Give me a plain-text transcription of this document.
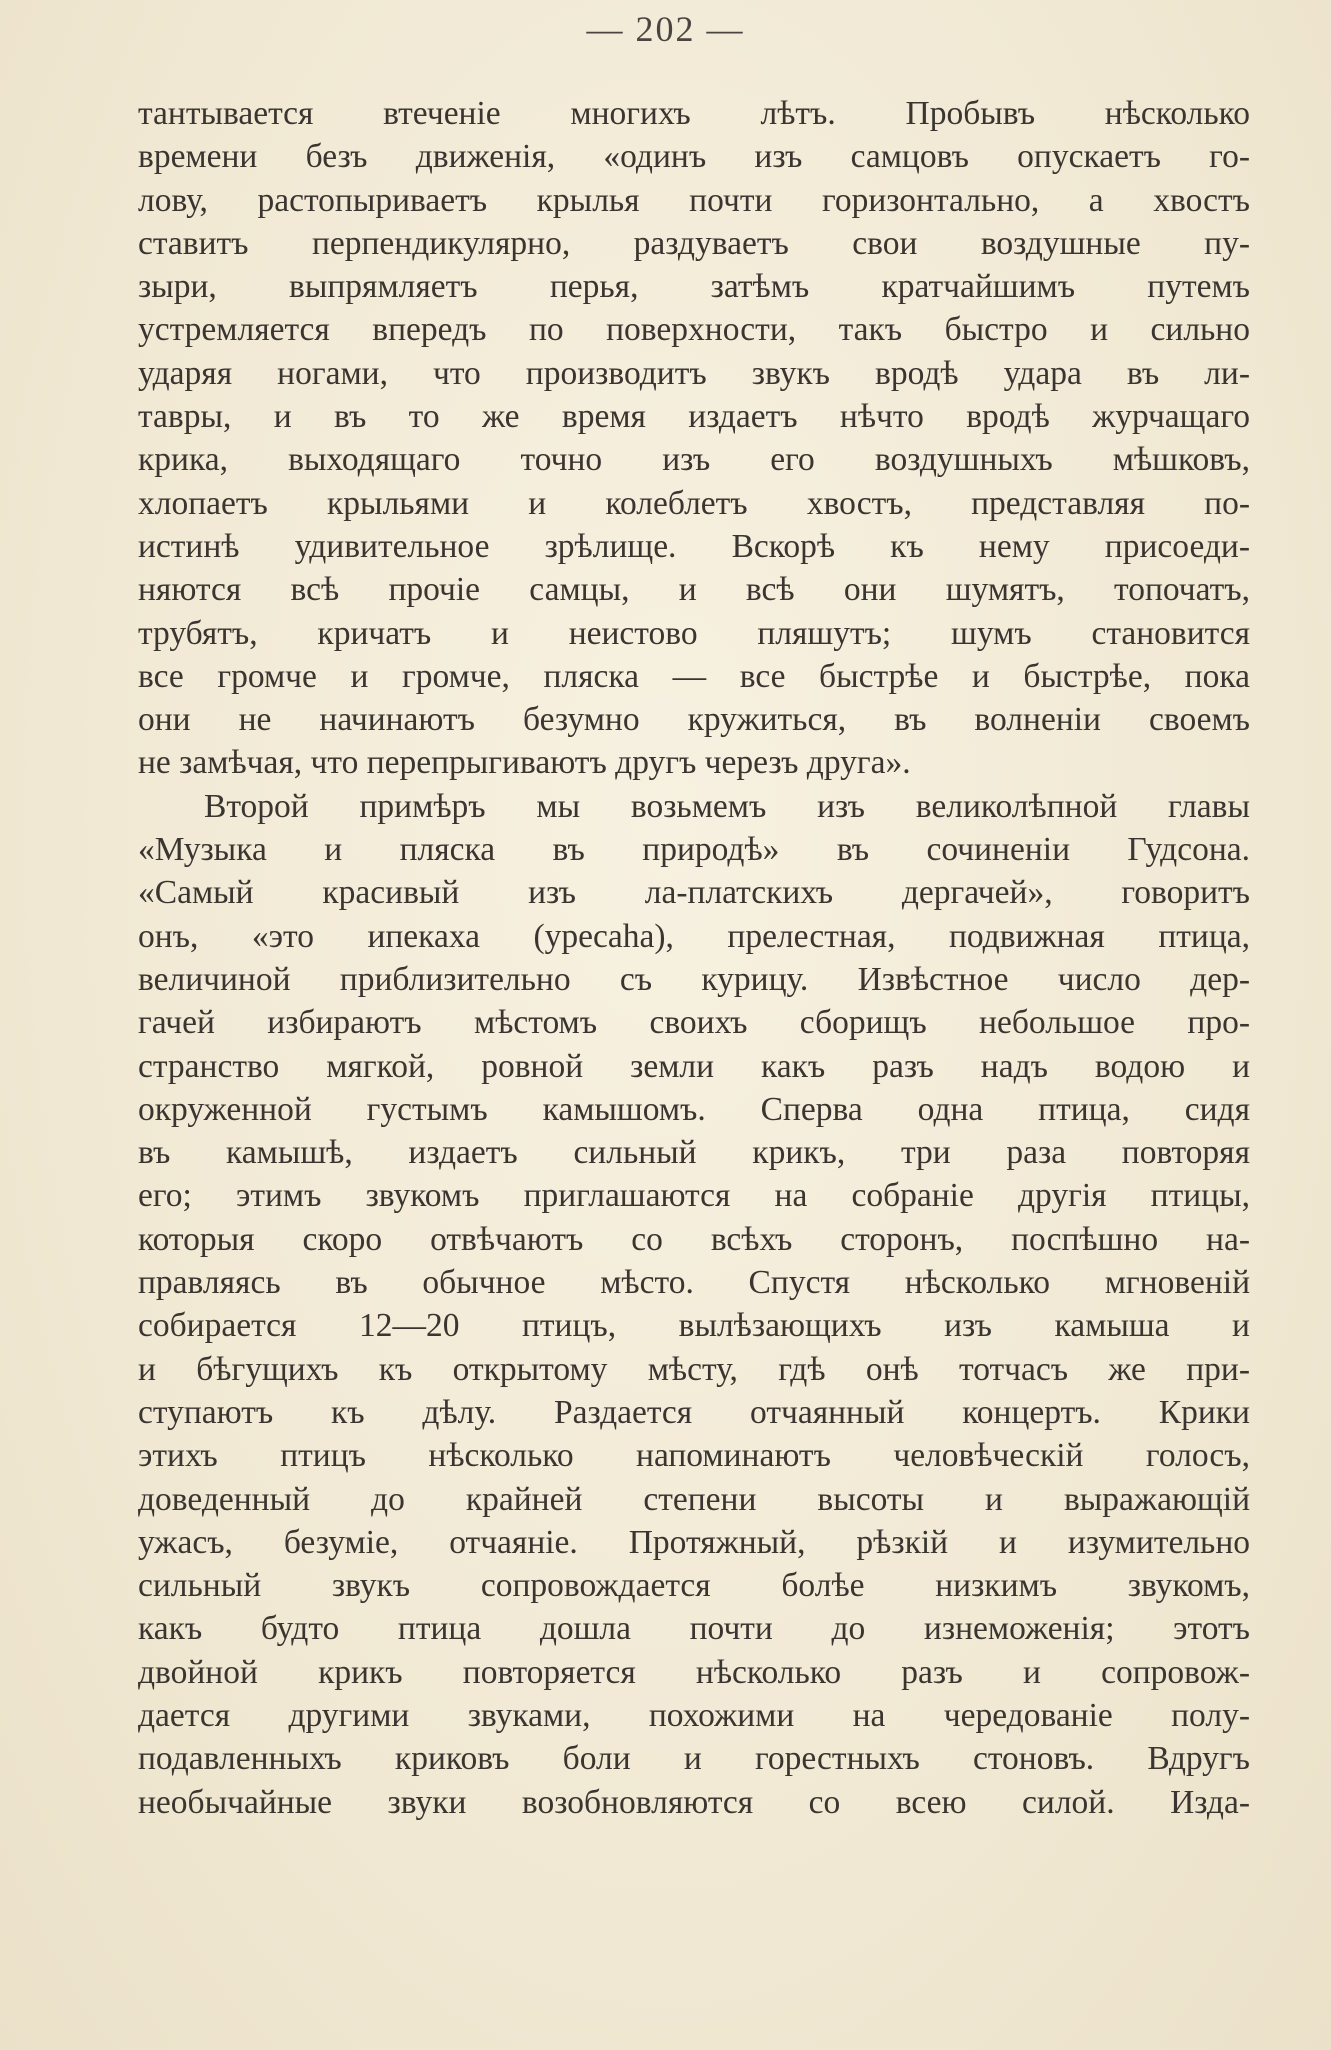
— 202 —
тантывается втеченіе многихъ лѣтъ. Пробывъ нѣсколько
времени безъ движенія, «одинъ изъ самцовъ опускаетъ го-
лову, растопыриваетъ крылья почти горизонтально, а хвостъ
ставитъ перпендикулярно, раздуваетъ свои воздушные пу-
зыри, выпрямляетъ перья, затѣмъ кратчайшимъ путемъ
устремляется впередъ по поверхности, такъ быстро и сильно
ударяя ногами, что производитъ звукъ вродѣ удара въ ли-
тавры, и въ то же время издаетъ нѣчто вродѣ журчащаго
крика, выходящаго точно изъ его воздушныхъ мѣшковъ,
хлопаетъ крыльями и колеблетъ хвостъ, представляя по-
истинѣ удивительное зрѣлище. Вскорѣ къ нему присоеди-
няются всѣ прочіе самцы, и всѣ они шумятъ, топочатъ,
трубятъ, кричатъ и неистово пляшутъ; шумъ становится
все громче и громче, пляска — все быстрѣе и быстрѣе, пока
они не начинаютъ безумно кружиться, въ волненіи своемъ
не замѣчая, что перепрыгиваютъ другъ черезъ друга».
Второй примѣръ мы возьмемъ изъ великолѣпной главы
«Музыка и пляска въ природѣ» въ сочиненіи Гудсона.
«Самый красивый изъ ла-платскихъ дергачей», говоритъ
онъ, «это ипекаха (ypecaha), прелестная, подвижная птица,
величиной приблизительно съ курицу. Извѣстное число дер-
гачей избираютъ мѣстомъ своихъ сборищъ небольшое про-
странство мягкой, ровной земли какъ разъ надъ водою и
окруженной густымъ камышомъ. Сперва одна птица, сидя
въ камышѣ, издаетъ сильный крикъ, три раза повторяя
его; этимъ звукомъ приглашаются на собраніе другія птицы,
которыя скоро отвѣчаютъ со всѣхъ сторонъ, поспѣшно на-
правляясь въ обычное мѣсто. Спустя нѣсколько мгновеній
собирается 12—20 птицъ, вылѣзающихъ изъ камыша и
и бѣгущихъ къ открытому мѣсту, гдѣ онѣ тотчасъ же при-
ступаютъ къ дѣлу. Раздается отчаянный концертъ. Крики
этихъ птицъ нѣсколько напоминаютъ человѣческій голосъ,
доведенный до крайней степени высоты и выражающій
ужасъ, безуміе, отчаяніе. Протяжный, рѣзкій и изумительно
сильный звукъ сопровождается болѣе низкимъ звукомъ,
какъ будто птица дошла почти до изнеможенія; этотъ
двойной крикъ повторяется нѣсколько разъ и сопровож-
дается другими звуками, похожими на чередованіе полу-
подавленныхъ криковъ боли и горестныхъ стоновъ. Вдругъ
необычайные звуки возобновляются со всею силой. Изда-
